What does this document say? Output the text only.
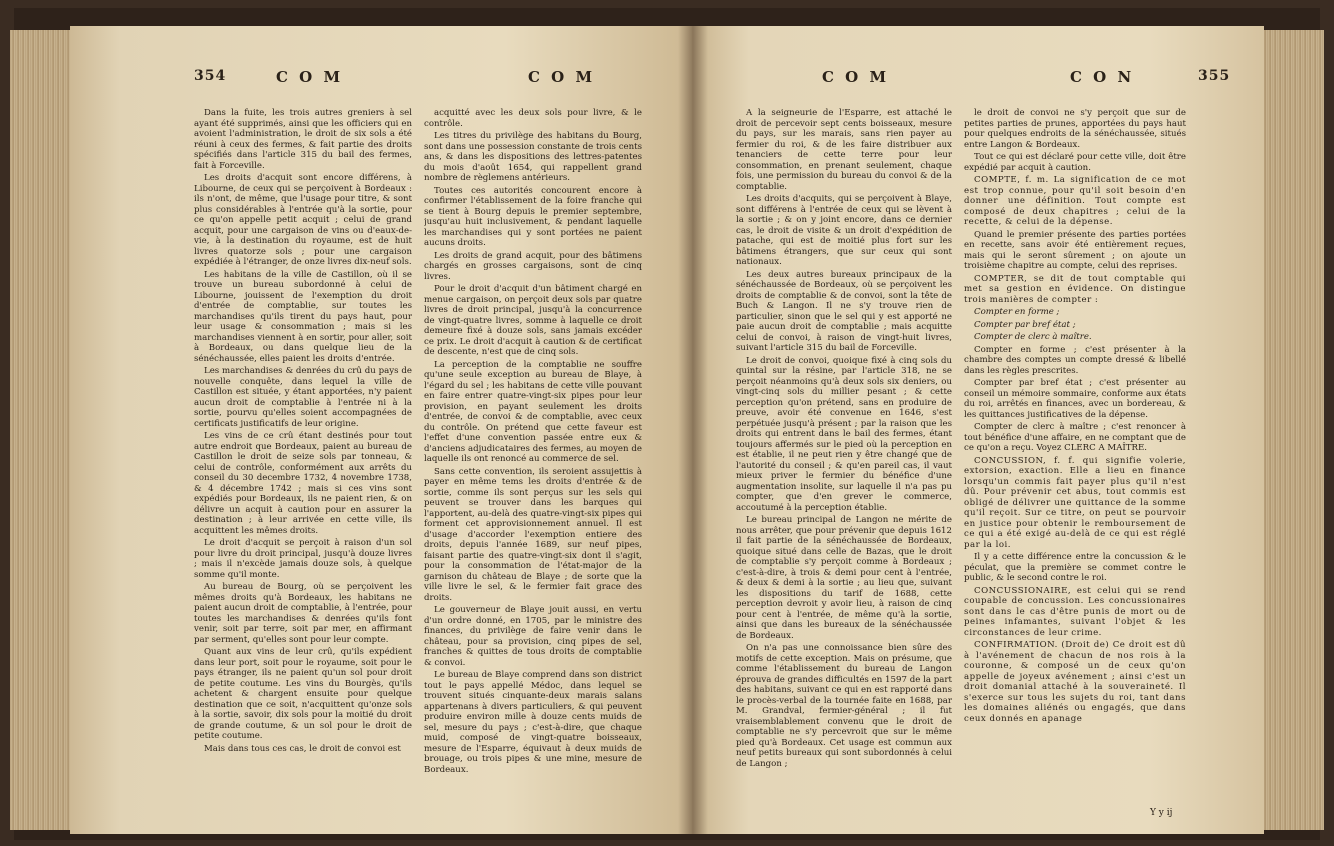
354	C O M	C O M

Dans la fuite, les trois autres greniers à sel ayant été supprimés, ainsi que les officiers qui en avoient l'administration, le droit de six sols a été réuni à ceux des fermes, & fait partie des droits spécifiés dans l'article 315 du bail des fermes, fait à Forceville.

Les droits d'acquit sont encore différens, à Libourne, de ceux qui se perçoivent à Bordeaux : ils n'ont, de même, que l'usage pour titre, & sont plus considérables à l'entrée qu'à la sortie, pour ce qu'on appelle petit acquit ; celui de grand acquit, pour une cargaison de vins ou d'eaux-de-vie, à la destination du royaume, est de huit livres quatorze sols ; pour une cargaison expédiée à l'étranger, de onze livres dix-neuf sols.

Les habitans de la ville de Castillon, où il se trouve un bureau subordonné à celui de Libourne, jouissent de l'exemption du droit d'entrée de comptablie, sur toutes les marchandises qu'ils tirent du pays haut, pour leur usage & consommation ; mais si les marchandises viennent à en sortir, pour aller, soit à Bordeaux, ou dans quelque lieu de la sénéchaussée, elles paient les droits d'entrée.

Les marchandises & denrées du crû du pays de nouvelle conquête, dans lequel la ville de Castillon est située, y étant apportées, n'y paient aucun droit de comptablie à l'entrée ni à la sortie, pourvu qu'elles soient accompagnées de certificats justificatifs de leur origine.

Les vins de ce crû étant destinés pour tout autre endroit que Bordeaux, paient au bureau de Castillon le droit de seize sols par tonneau, & celui de contrôle, conformément aux arrêts du conseil du 30 decembre 1732, 4 novembre 1738, & 4 décembre 1742 ; mais si ces vins sont expédiés pour Bordeaux, ils ne paient rien, & on délivre un acquit à caution pour en assurer la destination ; à leur arrivée en cette ville, ils acquittent les mêmes droits.

Le droit d'acquit se perçoit à raison d'un sol pour livre du droit principal, jusqu'à douze livres ; mais il n'excède jamais douze sols, à quelque somme qu'il monte.

Au bureau de Bourg, où se perçoivent les mêmes droits qu'à Bordeaux, les habitans ne paient aucun droit de comptablie, à l'entrée, pour toutes les marchandises & denrées qu'ils font venir, soit par terre, soit par mer, en affirmant par serment, qu'elles sont pour leur compte.

Quant aux vins de leur crû, qu'ils expédient dans leur port, soit pour le royaume, soit pour le pays étranger, ils ne paient qu'un sol pour droit de petite coutume. Les vins du Bourgès, qu'ils achetent & chargent ensuite pour quelque destination que ce soit, n'acquittent qu'onze sols à la sortie, savoir, dix sols pour la moitié du droit de grande coutume, & un sol pour le droit de petite coutume.

Mais dans tous ces cas, le droit de convoi est

acquitté avec les deux sols pour livre, & le contrôle.

Les titres du privilège des habitans du Bourg, sont dans une possession constante de trois cents ans, & dans les dispositions des lettres-patentes du mois d'août 1654, qui rappellent grand nombre de règlemens antérieurs.

Toutes ces autorités concourent encore à confirmer l'établissement de la foire franche qui se tient à Bourg depuis le premier septembre, jusqu'au huit inclusivement, & pendant laquelle les marchandises qui y sont portées ne paient aucuns droits.

Les droits de grand acquit, pour des bâtimens chargés en grosses cargaisons, sont de cinq livres.

Pour le droit d'acquit d'un bâtiment chargé en menue cargaison, on perçoit deux sols par quatre livres de droit principal, jusqu'à la concurrence de vingt-quatre livres, somme à laquelle ce droit demeure fixé à douze sols, sans jamais excéder ce prix. Le droit d'acquit à caution & de certificat de descente, n'est que de cinq sols.

La perception de la comptablie ne souffre qu'une seule exception au bureau de Blaye, à l'égard du sel ; les habitans de cette ville pouvant en faire entrer quatre-vingt-six pipes pour leur provision, en payant seulement les droits d'entrée, de convoi & de comptablie, avec ceux du contrôle. On prétend que cette faveur est l'effet d'une convention passée entre eux & d'anciens adjudicataires des fermes, au moyen de laquelle ils ont renoncé au commerce de sel.

Sans cette convention, ils seroient assujettis à payer en même tems les droits d'entrée & de sortie, comme ils sont perçus sur les sels qui peuvent se trouver dans les barques qui l'apportent, au-delà des quatre-vingt-six pipes qui forment cet approvisionnement annuel. Il est d'usage d'accorder l'exemption entiere des droits, depuis l'année 1689, sur neuf pipes, faisant partie des quatre-vingt-six dont il s'agit, pour la consommation de l'état-major de la garnison du château de Blaye ; de sorte que la ville livre le sel, & le fermier fait grace des droits.

Le gouverneur de Blaye jouit aussi, en vertu d'un ordre donné, en 1705, par le ministre des finances, du privilège de faire venir dans le château, pour sa provision, cinq pipes de sel, franches & quittes de tous droits de comptablie & convoi.

Le bureau de Blaye comprend dans son district tout le pays appellé Médoc, dans lequel se trouvent situés cinquante-deux marais salans appartenans à divers particuliers, & qui peuvent produire environ mille à douze cents muids de sel, mesure du pays ; c'est-à-dire, que chaque muid, composé de vingt-quatre boisseaux, mesure de l'Esparre, équivaut à deux muids de brouage, ou trois pipes & une mine, mesure de Bordeaux.

C O M	C O N	355

A la seigneurie de l'Esparre, est attaché le droit de percevoir sept cents boisseaux, mesure du pays, sur les marais, sans rien payer au fermier du roi, & de les faire distribuer aux tenanciers de cette terre pour leur consommation, en prenant seulement, chaque fois, une permission du bureau du convoi & de la comptablie.

Les droits d'acquits, qui se perçoivent à Blaye, sont différens à l'entrée de ceux qui se lèvent à la sortie ; & on y joint encore, dans ce dernier cas, le droit de visite & un droit d'expédition de patache, qui est de moitié plus fort sur les bâtimens étrangers, que sur ceux qui sont nationaux.

Les deux autres bureaux principaux de la sénéchaussée de Bordeaux, où se perçoivent les droits de comptablie & de convoi, sont la tête de Buch & Langon. Il ne s'y trouve rien de particulier, sinon que le sel qui y est apporté ne paie aucun droit de comptablie ; mais acquitte celui de convoi, à raison de vingt-huit livres, suivant l'article 315 du bail de Forceville.

Le droit de convoi, quoique fixé à cinq sols du quintal sur la résine, par l'article 318, ne se perçoit néanmoins qu'à deux sols six deniers, ou vingt-cinq sols du millier pesant ; & cette perception qu'on prétend, sans en produire de preuve, avoir été convenue en 1646, s'est perpétuée jusqu'à présent ; par la raison que les droits qui entrent dans le bail des fermes, étant toujours affermés sur le pied où la perception en est établie, il ne peut rien y être changé que de l'autorité du conseil ; & qu'en pareil cas, il vaut mieux priver le fermier du bénéfice d'une augmentation insolite, sur laquelle il n'a pas pu compter, que d'en grever le commerce, accoutumé à la perception établie.

Le bureau principal de Langon ne mérite de nous arrêter, que pour prévenir que depuis 1612 il fait partie de la sénéchaussée de Bordeaux, quoique situé dans celle de Bazas, que le droit de comptablie s'y perçoit comme à Bordeaux ; c'est-à-dire, à trois & demi pour cent à l'entrée, & deux & demi à la sortie ; au lieu que, suivant les dispositions du tarif de 1688, cette perception devroit y avoir lieu, à raison de cinq pour cent à l'entrée, de même qu'à la sortie, ainsi que dans les bureaux de la sénéchaussée de Bordeaux.

On n'a pas une connoissance bien sûre des motifs de cette exception. Mais on présume, que comme l'établissement du bureau de Langon éprouva de grandes difficultés en 1597 de la part des habitans, suivant ce qui en est rapporté dans le procès-verbal de la tournée faite en 1688, par M. Grandval, fermier-général ; il fut vraisemblablement convenu que le droit de comptablie ne s'y percevroit que sur le même pied qu'à Bordeaux. Cet usage est commun aux neuf petits bureaux qui sont subordonnés à celui de Langon ;

le droit de convoi ne s'y perçoit que sur de petites parties de prunes, apportées du pays haut pour quelques endroits de la sénéchaussée, situés entre Langon & Bordeaux.

Tout ce qui est déclaré pour cette ville, doit être expédié par acquit à caution.

COMPTE, f. m. La signification de ce mot est trop connue, pour qu'il soit besoin d'en donner une définition. Tout compte est composé de deux chapitres ; celui de la recette, & celui de la dépense.

Quand le premier présente des parties portées en recette, sans avoir été entièrement reçues, mais qui le seront sûrement ; on ajoute un troisième chapitre au compte, celui des reprises.

COMPTER, se dit de tout comptable qui met sa gestion en évidence. On distingue trois manières de compter :

Compter en forme ;

Compter par bref état ;

Compter de clerc à maître.

Compter en forme ; c'est présenter à la chambre des comptes un compte dressé & libellé dans les règles prescrites.

Compter par bref état ; c'est présenter au conseil un mémoire sommaire, conforme aux états du roi, arrêtés en finances, avec un bordereau, & les quittances justificatives de la dépense.

Compter de clerc à maître ; c'est renoncer à tout bénéfice d'une affaire, en ne comptant que de ce qu'on a reçu. Voyez CLERC A MAÎTRE.

CONCUSSION, f. f. qui signifie volerie, extorsion, exaction. Elle a lieu en finance lorsqu'un commis fait payer plus qu'il n'est dû. Pour prévenir cet abus, tout commis est obligé de délivrer une quittance de la somme qu'il reçoit. Sur ce titre, on peut se pourvoir en justice pour obtenir le remboursement de ce qui a été exigé au-delà de ce qui est réglé par la loi.

Il y a cette différence entre la concussion & le péculat, que la première se commet contre le public, & le second contre le roi.

CONCUSSIONAIRE, est celui qui se rend coupable de concussion. Les concussionaires sont dans le cas d'être punis de mort ou de peines infamantes, suivant l'objet & les circonstances de leur crime.

CONFIRMATION. (Droit de) Ce droit est dû à l'avénement de chacun de nos rois à la couronne, & composé un de ceux qu'on appelle de joyeux avénement ; ainsi c'est un droit domanial attaché à la souveraineté. Il s'exerce sur tous les sujets du roi, tant dans les domaines aliénés ou engagés, que dans ceux donnés en apanage

Y y ij
